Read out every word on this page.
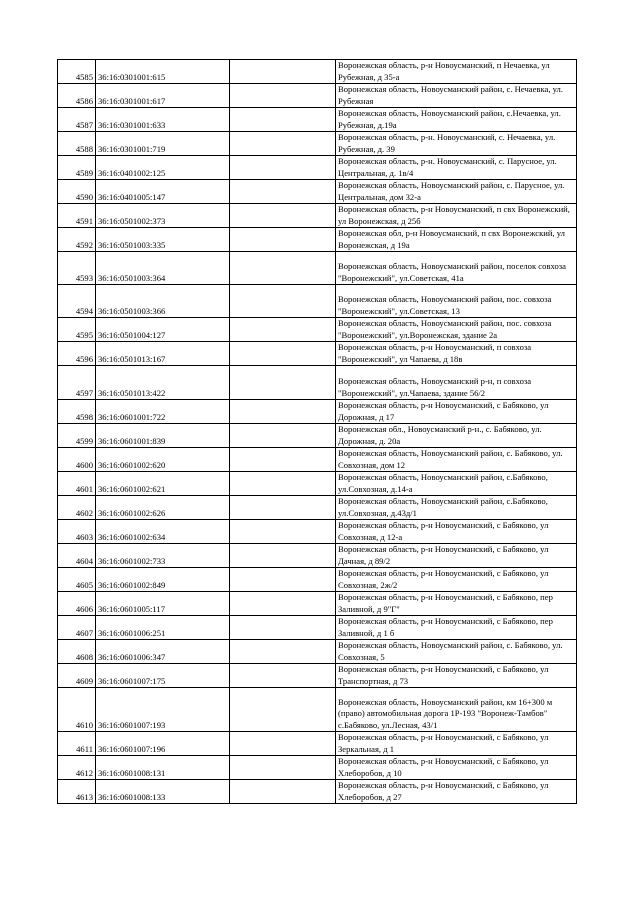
4585	36:16:0301001:615		Воронежская область, р-н Новоусманский, п Нечаевка, ул Рубежная, д 35-а
4586	36:16:0301001:617		Воронежская область, Новоусманский район, с. Нечаевка, ул. Рубежная
4587	36:16:0301001:633		Воронежская область, Новоусманский район, с.Нечаевка, ул. Рубежная, д.19а
4588	36:16:0301001:719		Воронежская область, р-н. Новоусманский, с. Нечаевка, ул. Рубежная, д. 39
4589	36:16:0401002:125		Воронежская область, р-н. Новоусманский, с. Парусное, ул. Центральная, д. 1в/4
4590	36:16:0401005:147		Воронежская область, Новоусманский район, с. Парусное, ул. Центральная, дом 32-а
4591	36:16:0501002:373		Воронежская область, р-н Новоусманский, п свх Воронежский, ул Воронежская, д 25б
4592	36:16:0501003:335		Воронежская обл, р-н Новоусманский, п свх Воронежский, ул Воронежская, д 19а
4593	36:16:0501003:364		Воронежская область, Новоусманский район, поселок совхоза "Воронежский", ул.Советская, 41а
4594	36:16:0501003:366		Воронежская область, Новоусманский район, пос. совхоза "Воронежский", ул.Советская, 13
4595	36:16:0501004:127		Воронежская область, Новоусманский район, пос. совхоза "Воронежский", ул.Воронежская, здание 2а
4596	36:16:0501013:167		Воронежская область, р-н Новоусманский, п совхоза "Воронежский", ул Чапаева, д 18в
4597	36:16:0501013:422		Воронежская область, Новоусманский р-н, п совхоза "Воронежский", ул.Чапаева, здание 56/2
4598	36:16:0601001:722		Воронежская область, р-н Новоусманский, с Бабяково, ул Дорожная, д 17
4599	36:16:0601001:839		Воронежская обл., Новоусманский р-н., с. Бабяково, ул. Дорожная, д. 20а
4600	36:16:0601002:620		Воронежская область, Новоусманский район, с. Бабяково, ул. Совхозная, дом 12
4601	36:16:0601002:621		Воронежская область, Новоусманский район, с.Бабяково, ул.Совхозная, д.14-а
4602	36:16:0601002:626		Воронежская область, Новоусманский район, с.Бабяково, ул.Совхозная, д.43д/1
4603	36:16:0601002:634		Воронежская область, р-н Новоусманский, с Бабяково, ул Совхозная, д 12-а
4604	36:16:0601002:733		Воронежская область, р-н Новоусманский, с Бабяково, ул Дачная, д 89/2
4605	36:16:0601002:849		Воронежская область, р-н Новоусманский, с Бабяково, ул Совхозная, 2ж/2
4606	36:16:0601005:117		Воронежская область, р-н Новоусманский, с Бабяково, пер Заливной, д 9"Г"
4607	36:16:0601006:251		Воронежская область, р-н Новоусманский, с Бабяково, пер Заливной, д 1 б
4608	36:16:0601006:347		Воронежская область, Новоусманский район, с. Бабяково, ул. Совхозная, 5
4609	36:16:0601007:175		Воронежская область, р-н Новоусманский, с Бабяково, ул Транспортная, д 73
4610	36:16:0601007:193		Воронежская область, Новоусманский район, км 16+300 м (право) автомобильная дорога 1Р-193 "Воронеж-Тамбов" с.Бабяково, ул.Лесная, 43/1
4611	36:16:0601007:196		Воронежская область, р-н Новоусманский, с Бабяково, ул Зеркальная, д 1
4612	36:16:0601008:131		Воронежская область, р-н Новоусманский, с Бабяково, ул Хлеборобов, д 10
4613	36:16:0601008:133		Воронежская область, р-н Новоусманский, с Бабяково, ул Хлеборобов, д 27
